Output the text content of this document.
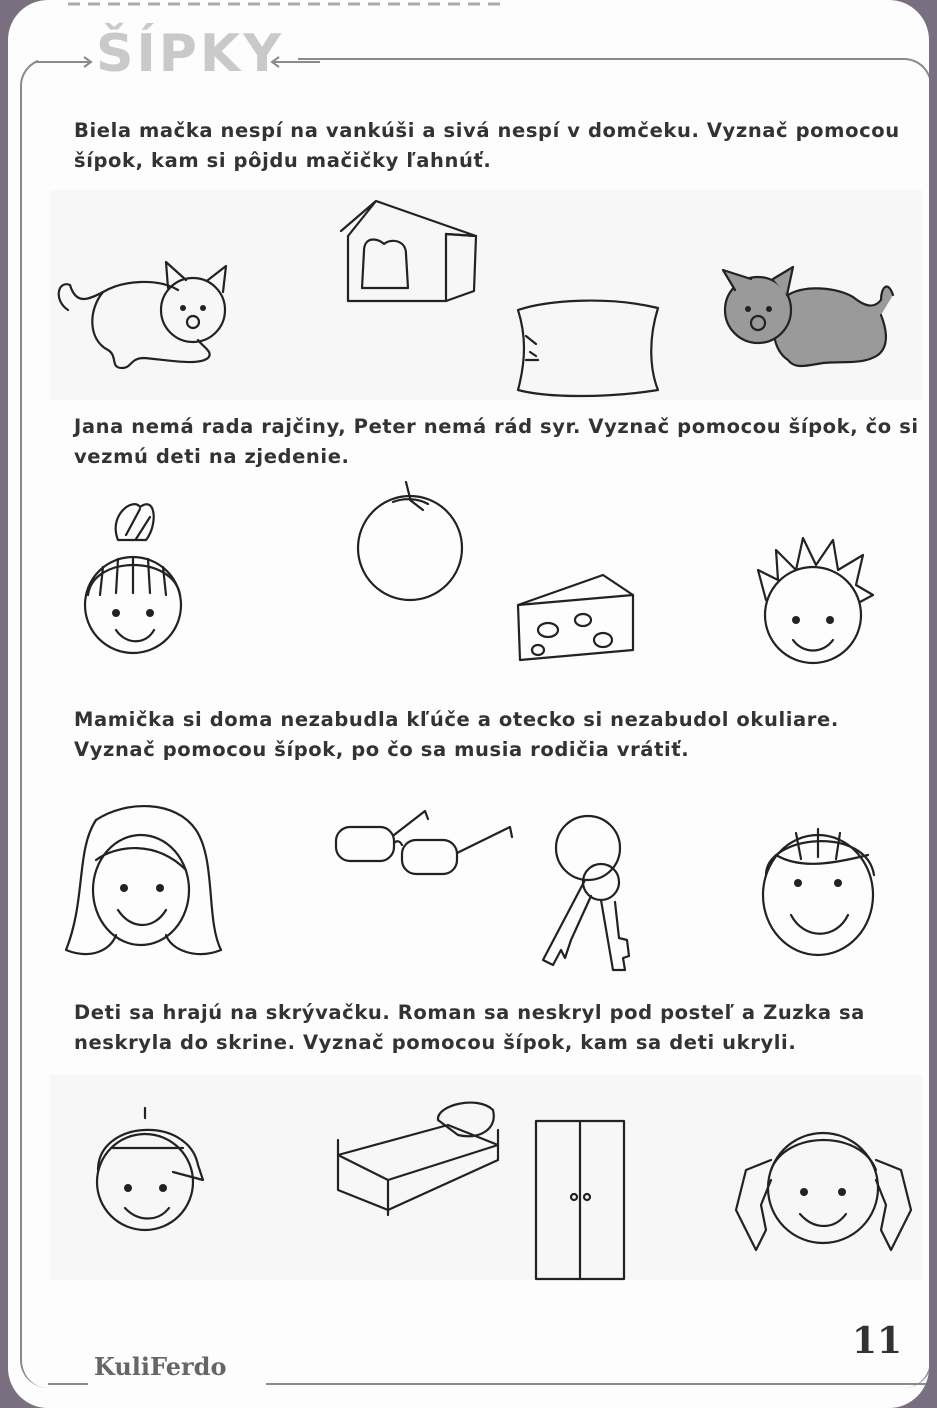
ŠÍPKY
Biela mačka nespí na vankúši a sivá nespí v domčeku. Vyznač pomocou šípok, kam si pôjdu mačičky ľahnúť.
Jana nemá rada rajčiny, Peter nemá rád syr. Vyznač pomocou šípok, čo si vezmú deti na zjedenie.
Mamička si doma nezabudla kľúče a otecko si nezabudol okuliare. Vyznač pomocou šípok, po čo sa musia rodičia vrátiť.
Deti sa hrajú na skrývačku. Roman sa neskryl pod posteľ a Zuzka sa neskryla do skrine. Vyznač pomocou šípok, kam sa deti ukryli.
11
KuliFerdo
